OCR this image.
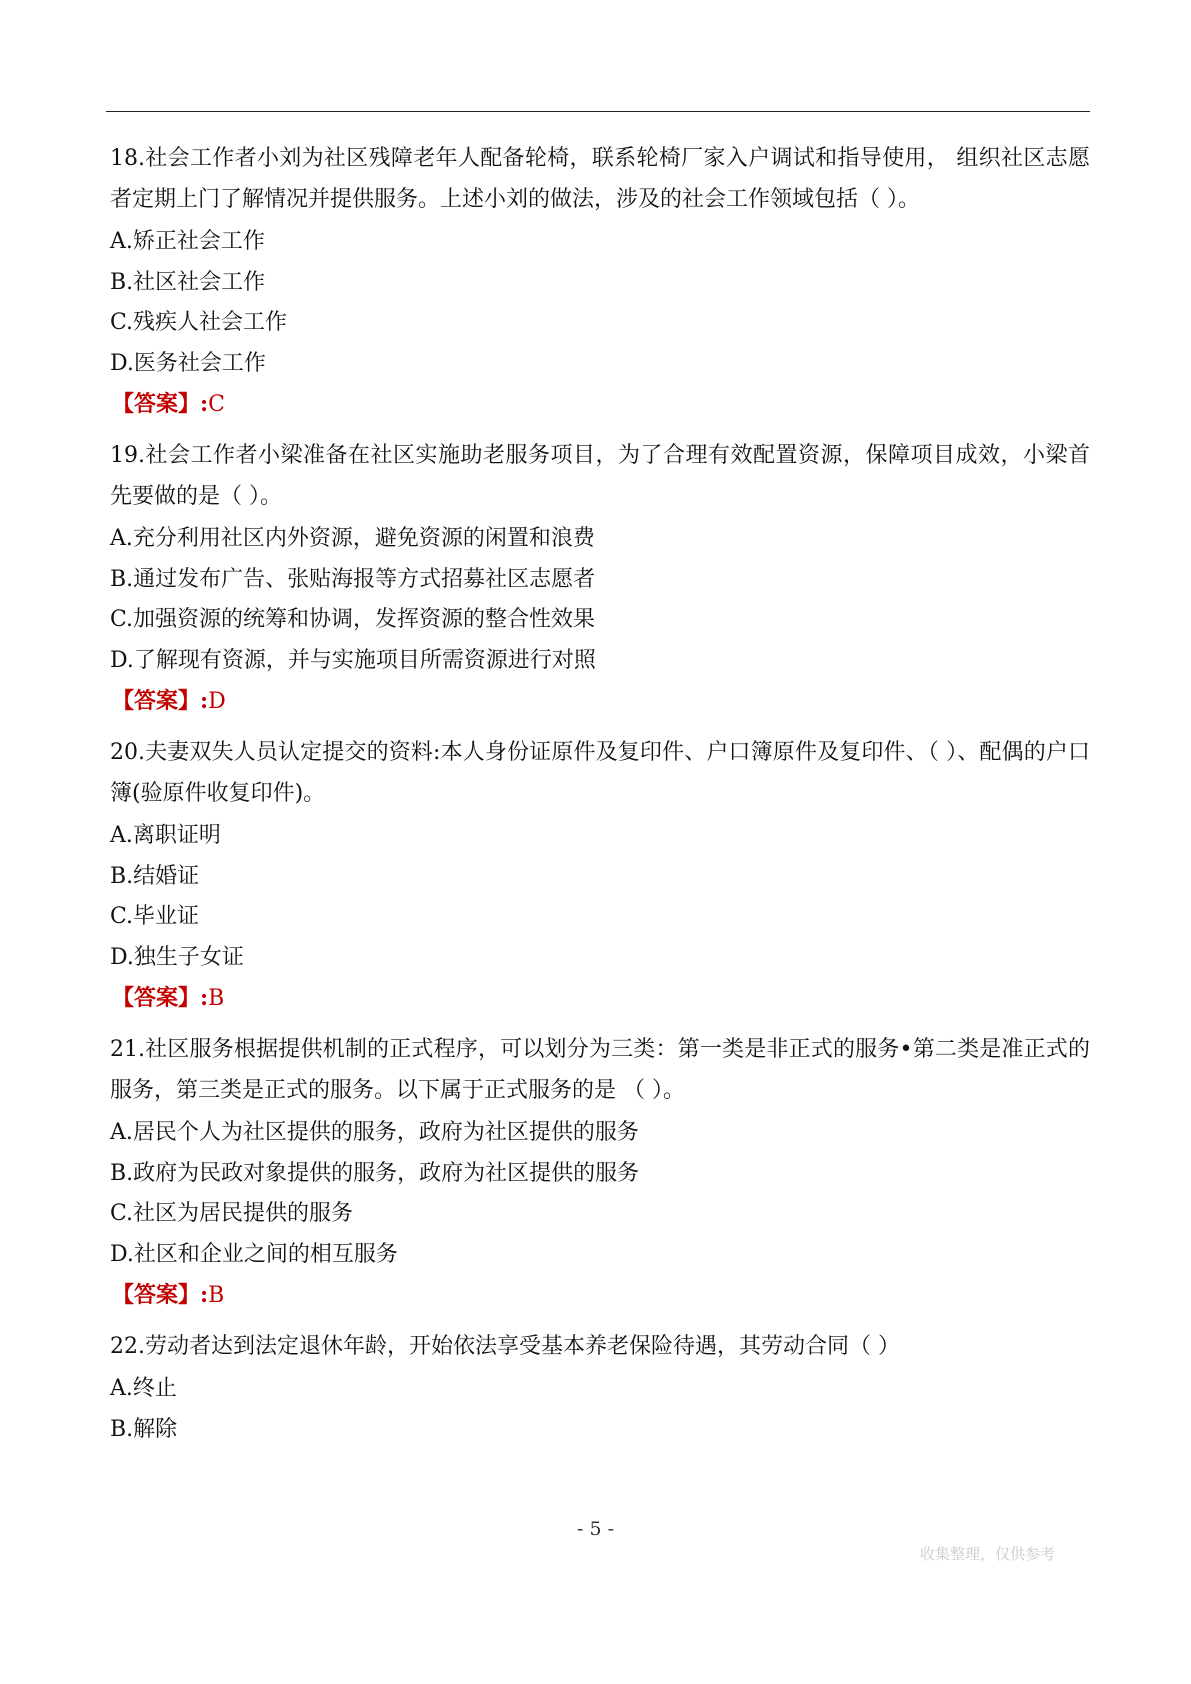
18.社会工作者小刘为社区残障老年人配备轮椅，联系轮椅厂家入户调试和指导使用， 组织社区志愿者定期上门了解情况并提供服务。上述小刘的做法，涉及的社会工作领域包括（ ）。

A.矫正社会工作

B.社区社会工作

C.残疾人社会工作

D.医务社会工作

【答案】:C

19.社会工作者小梁准备在社区实施助老服务项目，为了合理有效配置资源，保障项目成效，小梁首先要做的是（ ）。

A.充分利用社区内外资源，避免资源的闲置和浪费

B.通过发布广告、张贴海报等方式招募社区志愿者

C.加强资源的统筹和协调，发挥资源的整合性效果

D.了解现有资源，并与实施项目所需资源进行对照

【答案】:D

20.夫妻双失人员认定提交的资料:本人身份证原件及复印件、户口簿原件及复印件、（ ）、配偶的户口簿(验原件收复印件)。

A.离职证明

B.结婚证

C.毕业证

D.独生子女证

【答案】:B

21.社区服务根据提供机制的正式程序，可以划分为三类：第一类是非正式的服务•第二类是准正式的服务，第三类是正式的服务。以下属于正式服务的是 （ ）。

A.居民个人为社区提供的服务，政府为社区提供的服务

B.政府为民政对象提供的服务，政府为社区提供的服务

C.社区为居民提供的服务

D.社区和企业之间的相互服务

【答案】:B

22.劳动者达到法定退休年龄，开始依法享受基本养老保险待遇，其劳动合同（ ）

A.终止

B.解除

- 5 -
收集整理，仅供参考
